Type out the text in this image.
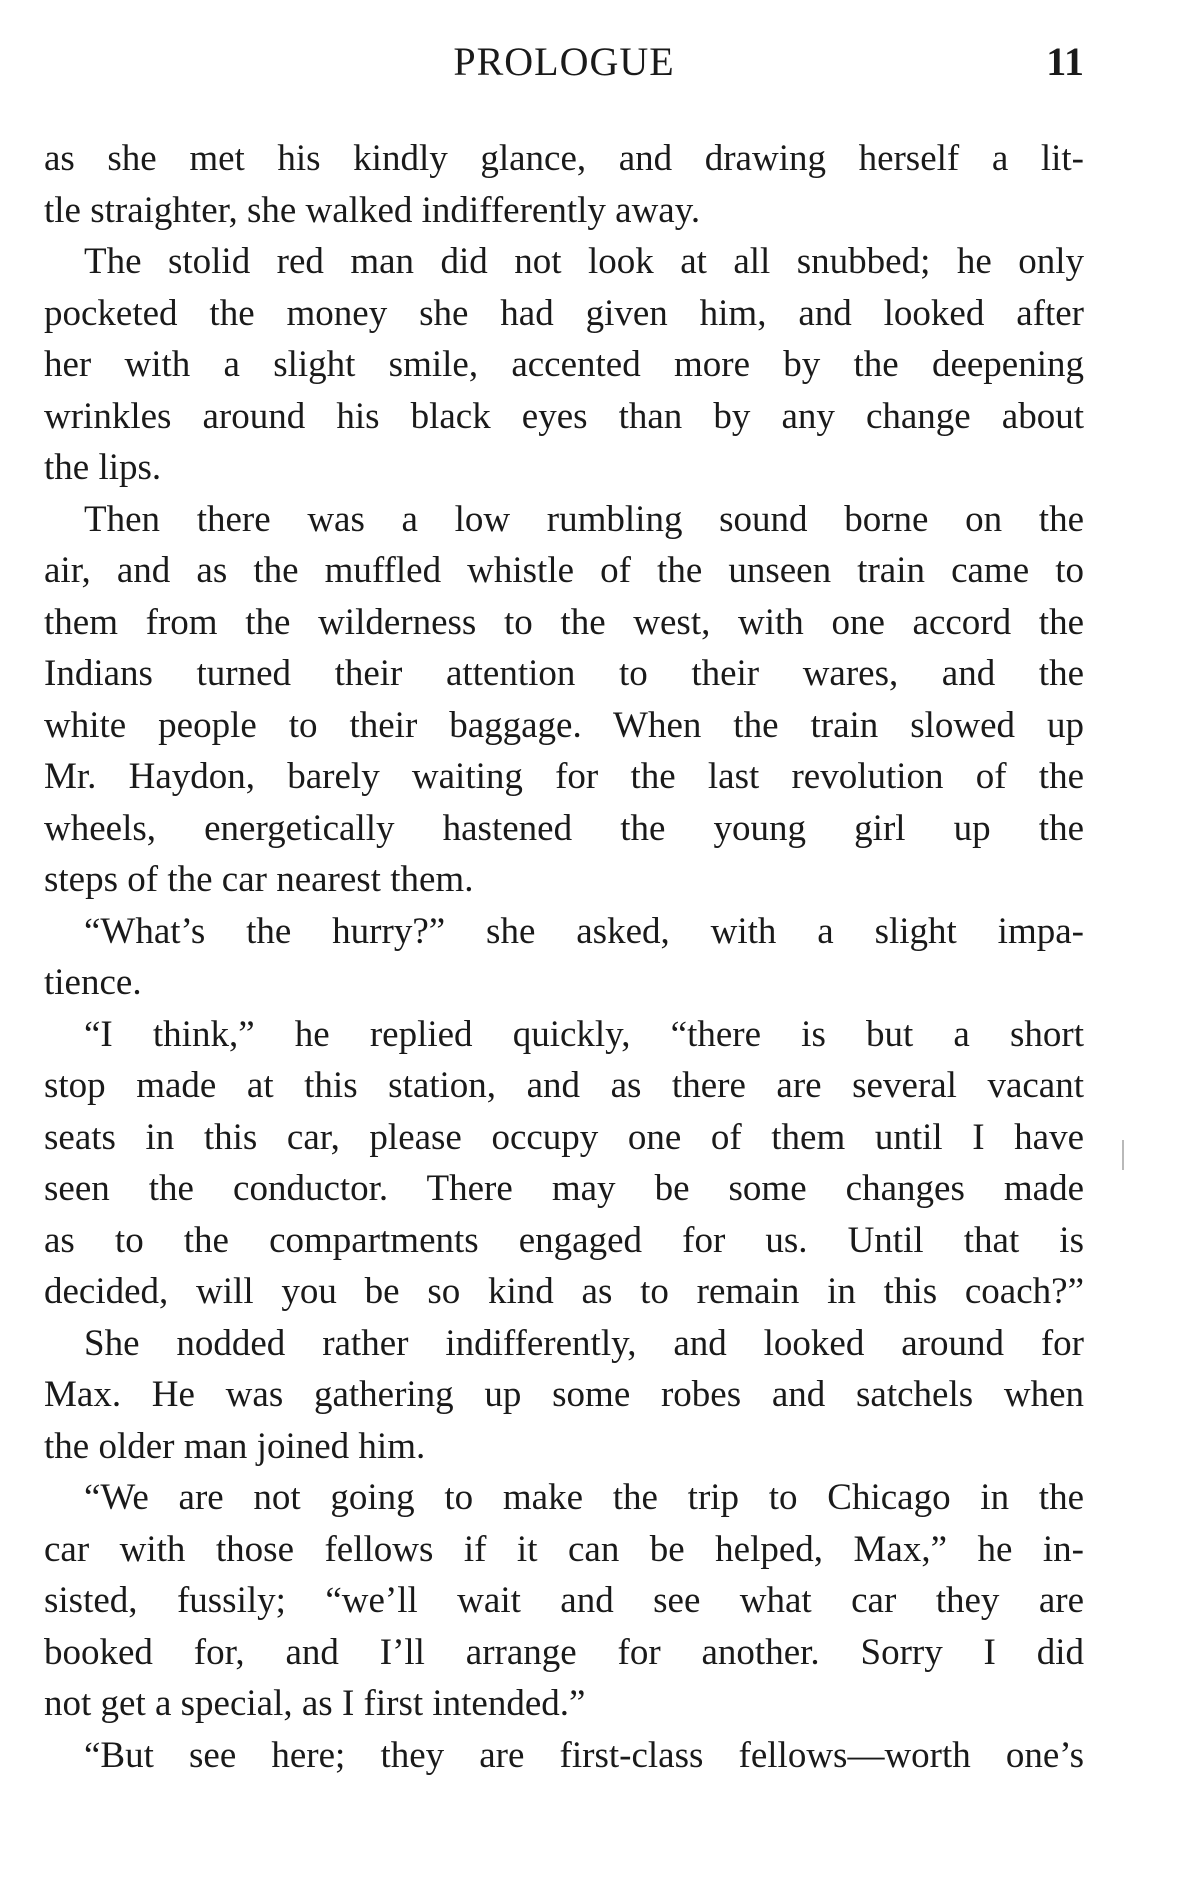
PROLOGUE	11
as she met his kindly glance, and drawing herself a lit-
tle straighter, she walked indifferently away.
The stolid red man did not look at all snubbed; he only
pocketed the money she had given him, and looked after
her with a slight smile, accented more by the deepening
wrinkles around his black eyes than by any change about
the lips.
Then there was a low rumbling sound borne on the
air, and as the muffled whistle of the unseen train came to
them from the wilderness to the west, with one accord the
Indians turned their attention to their wares, and the
white people to their baggage. When the train slowed up
Mr. Haydon, barely waiting for the last revolution of the
wheels, energetically hastened the young girl up the
steps of the car nearest them.
“What’s the hurry?” she asked, with a slight impa-
tience.
“I think,” he replied quickly, “there is but a short
stop made at this station, and as there are several vacant
seats in this car, please occupy one of them until I have
seen the conductor. There may be some changes made
as to the compartments engaged for us. Until that is
decided, will you be so kind as to remain in this coach?”
She nodded rather indifferently, and looked around for
Max. He was gathering up some robes and satchels when
the older man joined him.
“We are not going to make the trip to Chicago in the
car with those fellows if it can be helped, Max,” he in-
sisted, fussily; “we’ll wait and see what car they are
booked for, and I’ll arrange for another. Sorry I did
not get a special, as I first intended.”
“But see here; they are first-class fellows—worth one’s
